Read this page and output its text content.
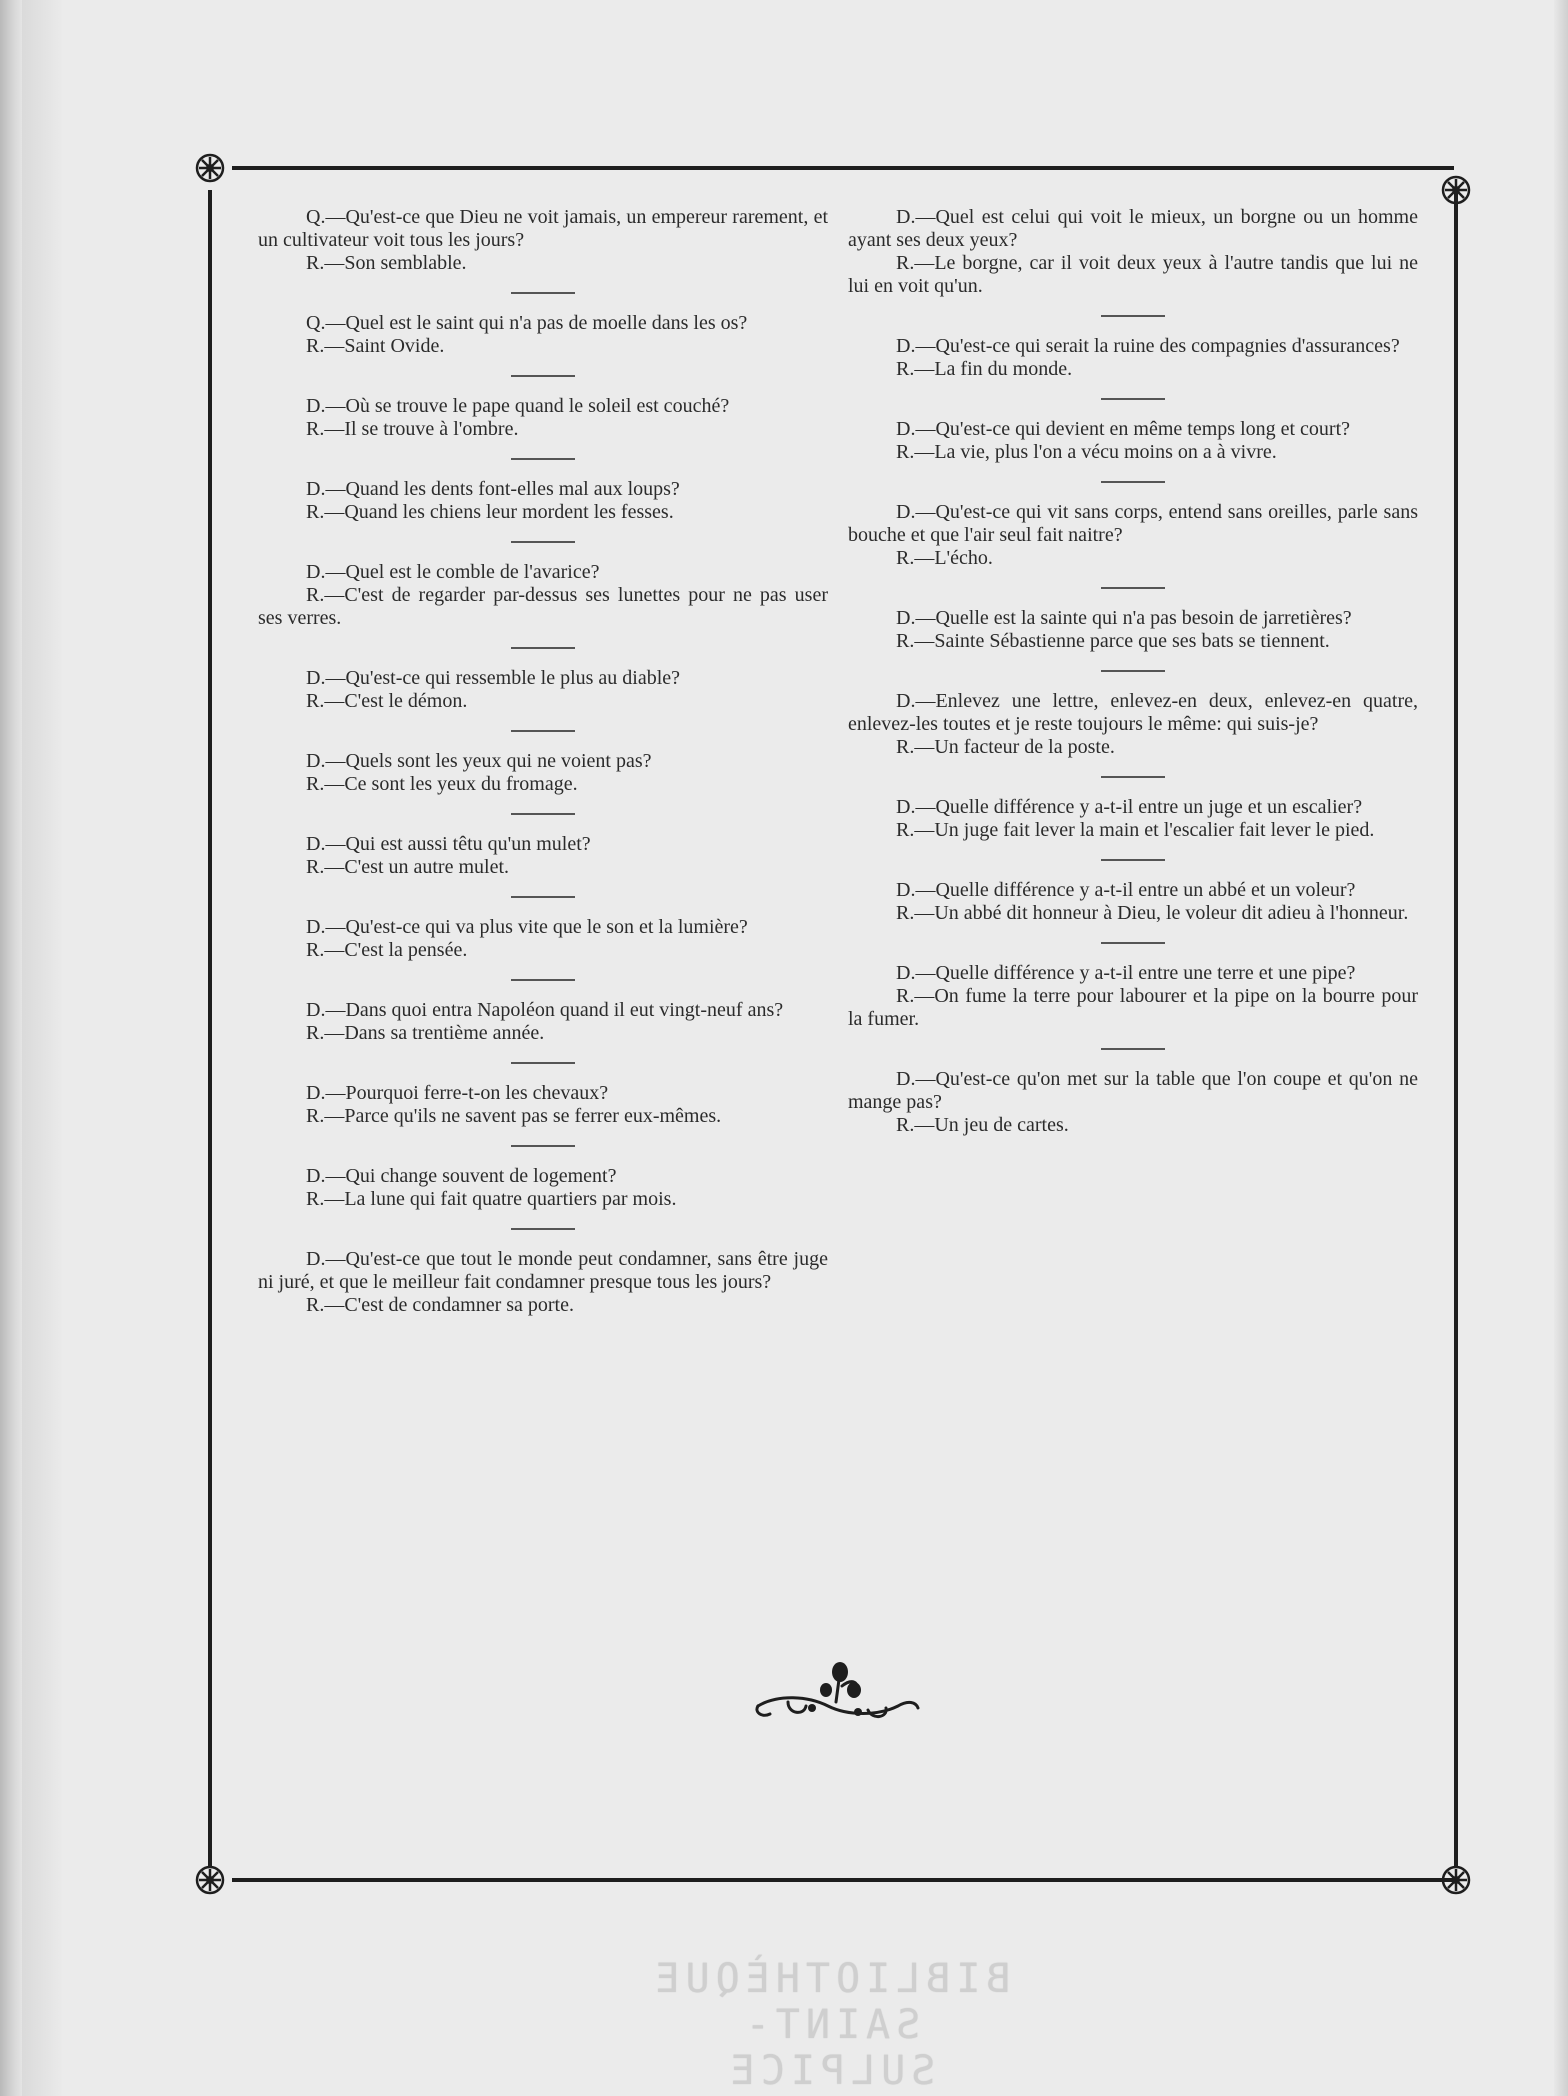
Q.—Qu'est-ce que Dieu ne voit jamais, un empereur rarement, et un cultivateur voit tous les jours?
R.—Son semblable.
Q.—Quel est le saint qui n'a pas de moelle dans les os?
R.—Saint Ovide.
D.—Où se trouve le pape quand le soleil est couché?
R.—Il se trouve à l'ombre.
D.—Quand les dents font-elles mal aux loups?
R.—Quand les chiens leur mordent les fesses.
D.—Quel est le comble de l'avarice?
R.—C'est de regarder par-dessus ses lunettes pour ne pas user ses verres.
D.—Qu'est-ce qui ressemble le plus au diable?
R.—C'est le démon.
D.—Quels sont les yeux qui ne voient pas?
R.—Ce sont les yeux du fromage.
D.—Qui est aussi têtu qu'un mulet?
R.—C'est un autre mulet.
D.—Qu'est-ce qui va plus vite que le son et la lumière?
R.—C'est la pensée.
D.—Dans quoi entra Napoléon quand il eut vingt-neuf ans?
R.—Dans sa trentième année.
D.—Pourquoi ferre-t-on les chevaux?
R.—Parce qu'ils ne savent pas se ferrer eux-mêmes.
D.—Qui change souvent de logement?
R.—La lune qui fait quatre quartiers par mois.
D.—Qu'est-ce que tout le monde peut condamner, sans être juge ni juré, et que le meilleur fait condamner presque tous les jours?
R.—C'est de condamner sa porte.
D.—Quel est celui qui voit le mieux, un borgne ou un homme ayant ses deux yeux?
R.—Le borgne, car il voit deux yeux à l'autre tandis que lui ne lui en voit qu'un.
D.—Qu'est-ce qui serait la ruine des compagnies d'assurances?
R.—La fin du monde.
D.—Qu'est-ce qui devient en même temps long et court?
R.—La vie, plus l'on a vécu moins on a à vivre.
D.—Qu'est-ce qui vit sans corps, entend sans oreilles, parle sans bouche et que l'air seul fait naitre?
R.—L'écho.
D.—Quelle est la sainte qui n'a pas besoin de jarretières?
R.—Sainte Sébastienne parce que ses bats se tiennent.
D.—Enlevez une lettre, enlevez-en deux, enlevez-en quatre, enlevez-les toutes et je reste toujours le même: qui suis-je?
R.—Un facteur de la poste.
D.—Quelle différence y a-t-il entre un juge et un escalier?
R.—Un juge fait lever la main et l'escalier fait lever le pied.
D.—Quelle différence y a-t-il entre un abbé et un voleur?
R.—Un abbé dit honneur à Dieu, le voleur dit adieu à l'honneur.
D.—Quelle différence y a-t-il entre une terre et une pipe?
R.—On fume la terre pour labourer et la pipe on la bourre pour la fumer.
D.—Qu'est-ce qu'on met sur la table que l'on coupe et qu'on ne mange pas?
R.—Un jeu de cartes.
BIBLIOTHÈQUE
SAINT-SULPICE
